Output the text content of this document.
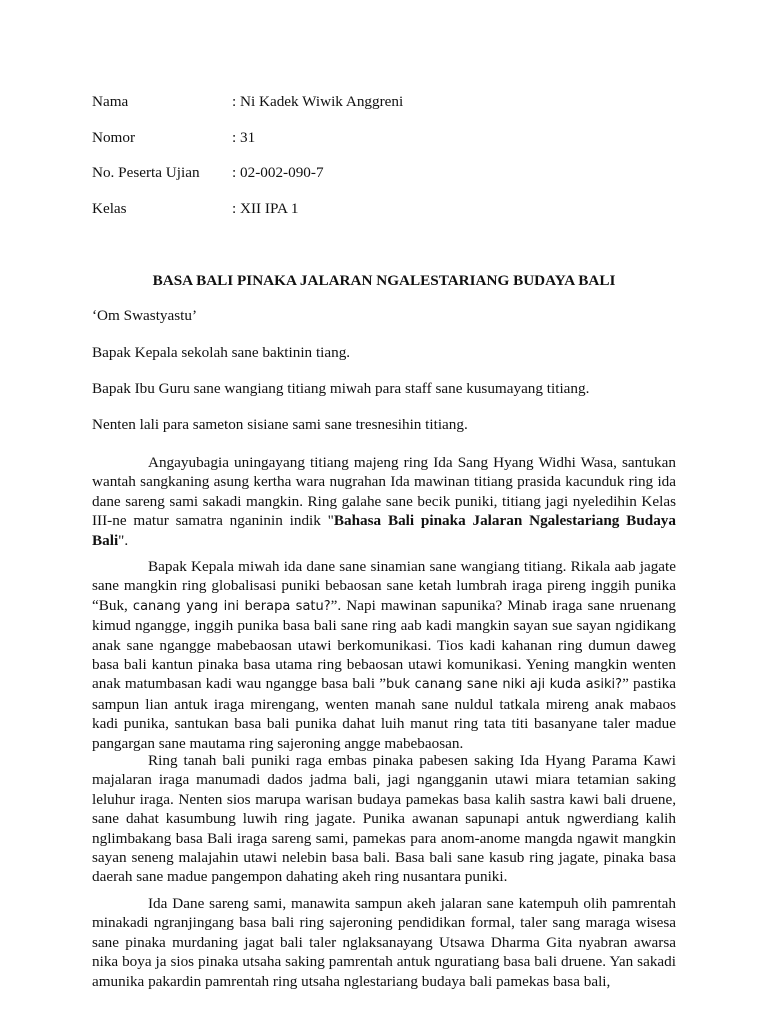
Nama	: Ni Kadek Wiwik Anggreni
Nomor	: 31
No. Peserta Ujian : 02-002-090-7
Kelas	: XII IPA 1
BASA BALI PINAKA JALARAN NGALESTARIANG BUDAYA BALI
‘Om Swastyastu’
Bapak Kepala sekolah sane baktinin tiang.
Bapak Ibu Guru sane wangiang titiang miwah para staff sane kusumayang titiang.
Nenten lali para sameton sisiane sami sane tresnesihin titiang.
Angayubagia uningayang titiang majeng ring Ida Sang Hyang Widhi Wasa, santukan wantah sangkaning asung kertha wara nugrahan Ida mawinan titiang prasida kacunduk ring ida dane sareng sami sakadi mangkin. Ring galahe sane becik puniki, titiang jagi nyeledihin Kelas III-ne matur samatra nganinin indik "Bahasa Bali pinaka Jalaran Ngalestariang Budaya Bali".
Bapak Kepala miwah ida dane sane sinamian sane wangiang titiang. Rikala aab jagate sane mangkin ring globalisasi puniki bebaosan sane ketah lumbrah iraga pireng inggih punika “Buk, canang yang ini berapa satu?”. Napi mawinan sapunika? Minab iraga sane nruenang kimud ngangge, inggih punika basa bali sane ring aab kadi mangkin sayan sue sayan ngidikang anak sane ngangge mabebaosan utawi berkomunikasi. Tios kadi kahanan ring dumun daweg basa bali kantun pinaka basa utama ring bebaosan utawi komunikasi. Yening mangkin wenten anak matumbasan kadi wau ngangge basa bali ”buk canang sane niki aji kuda asiki?” pastika sampun lian antuk iraga mirengang, wenten manah sane nuldul tatkala mireng anak mabaos kadi punika, santukan basa bali punika dahat luih manut ring tata titi basanyane taler madue pangargan sane mautama ring sajeroning angge mabebaosan.
Ring tanah bali puniki raga embas pinaka pabesen saking Ida Hyang Parama Kawi majalaran iraga manumadi dados jadma bali, jagi ngangganin utawi miara tetamian saking leluhur iraga. Nenten sios marupa warisan budaya pamekas basa kalih sastra kawi bali druene, sane dahat kasumbung luwih ring jagate. Punika awanan sapunapi antuk ngwerdiang kalih nglimbakang basa Bali iraga sareng sami, pamekas para anom-anome mangda ngawit mangkin sayan seneng malajahin utawi nelebin basa bali. Basa bali sane kasub ring jagate, pinaka basa daerah sane madue pangempon dahating akeh ring nusantara puniki.
Ida Dane sareng sami, manawita sampun akeh jalaran sane katempuh olih pamrentah minakadi ngranjingang basa bali ring sajeroning pendidikan formal, taler sang maraga wisesa sane pinaka murdaning jagat bali taler nglaksanayang Utsawa Dharma Gita nyabran awarsa nika boya ja sios pinaka utsaha saking pamrentah antuk nguratiang basa bali druene. Yan sakadi amunika pakardin pamrentah ring utsaha nglestariang budaya bali pamekas basa bali,
